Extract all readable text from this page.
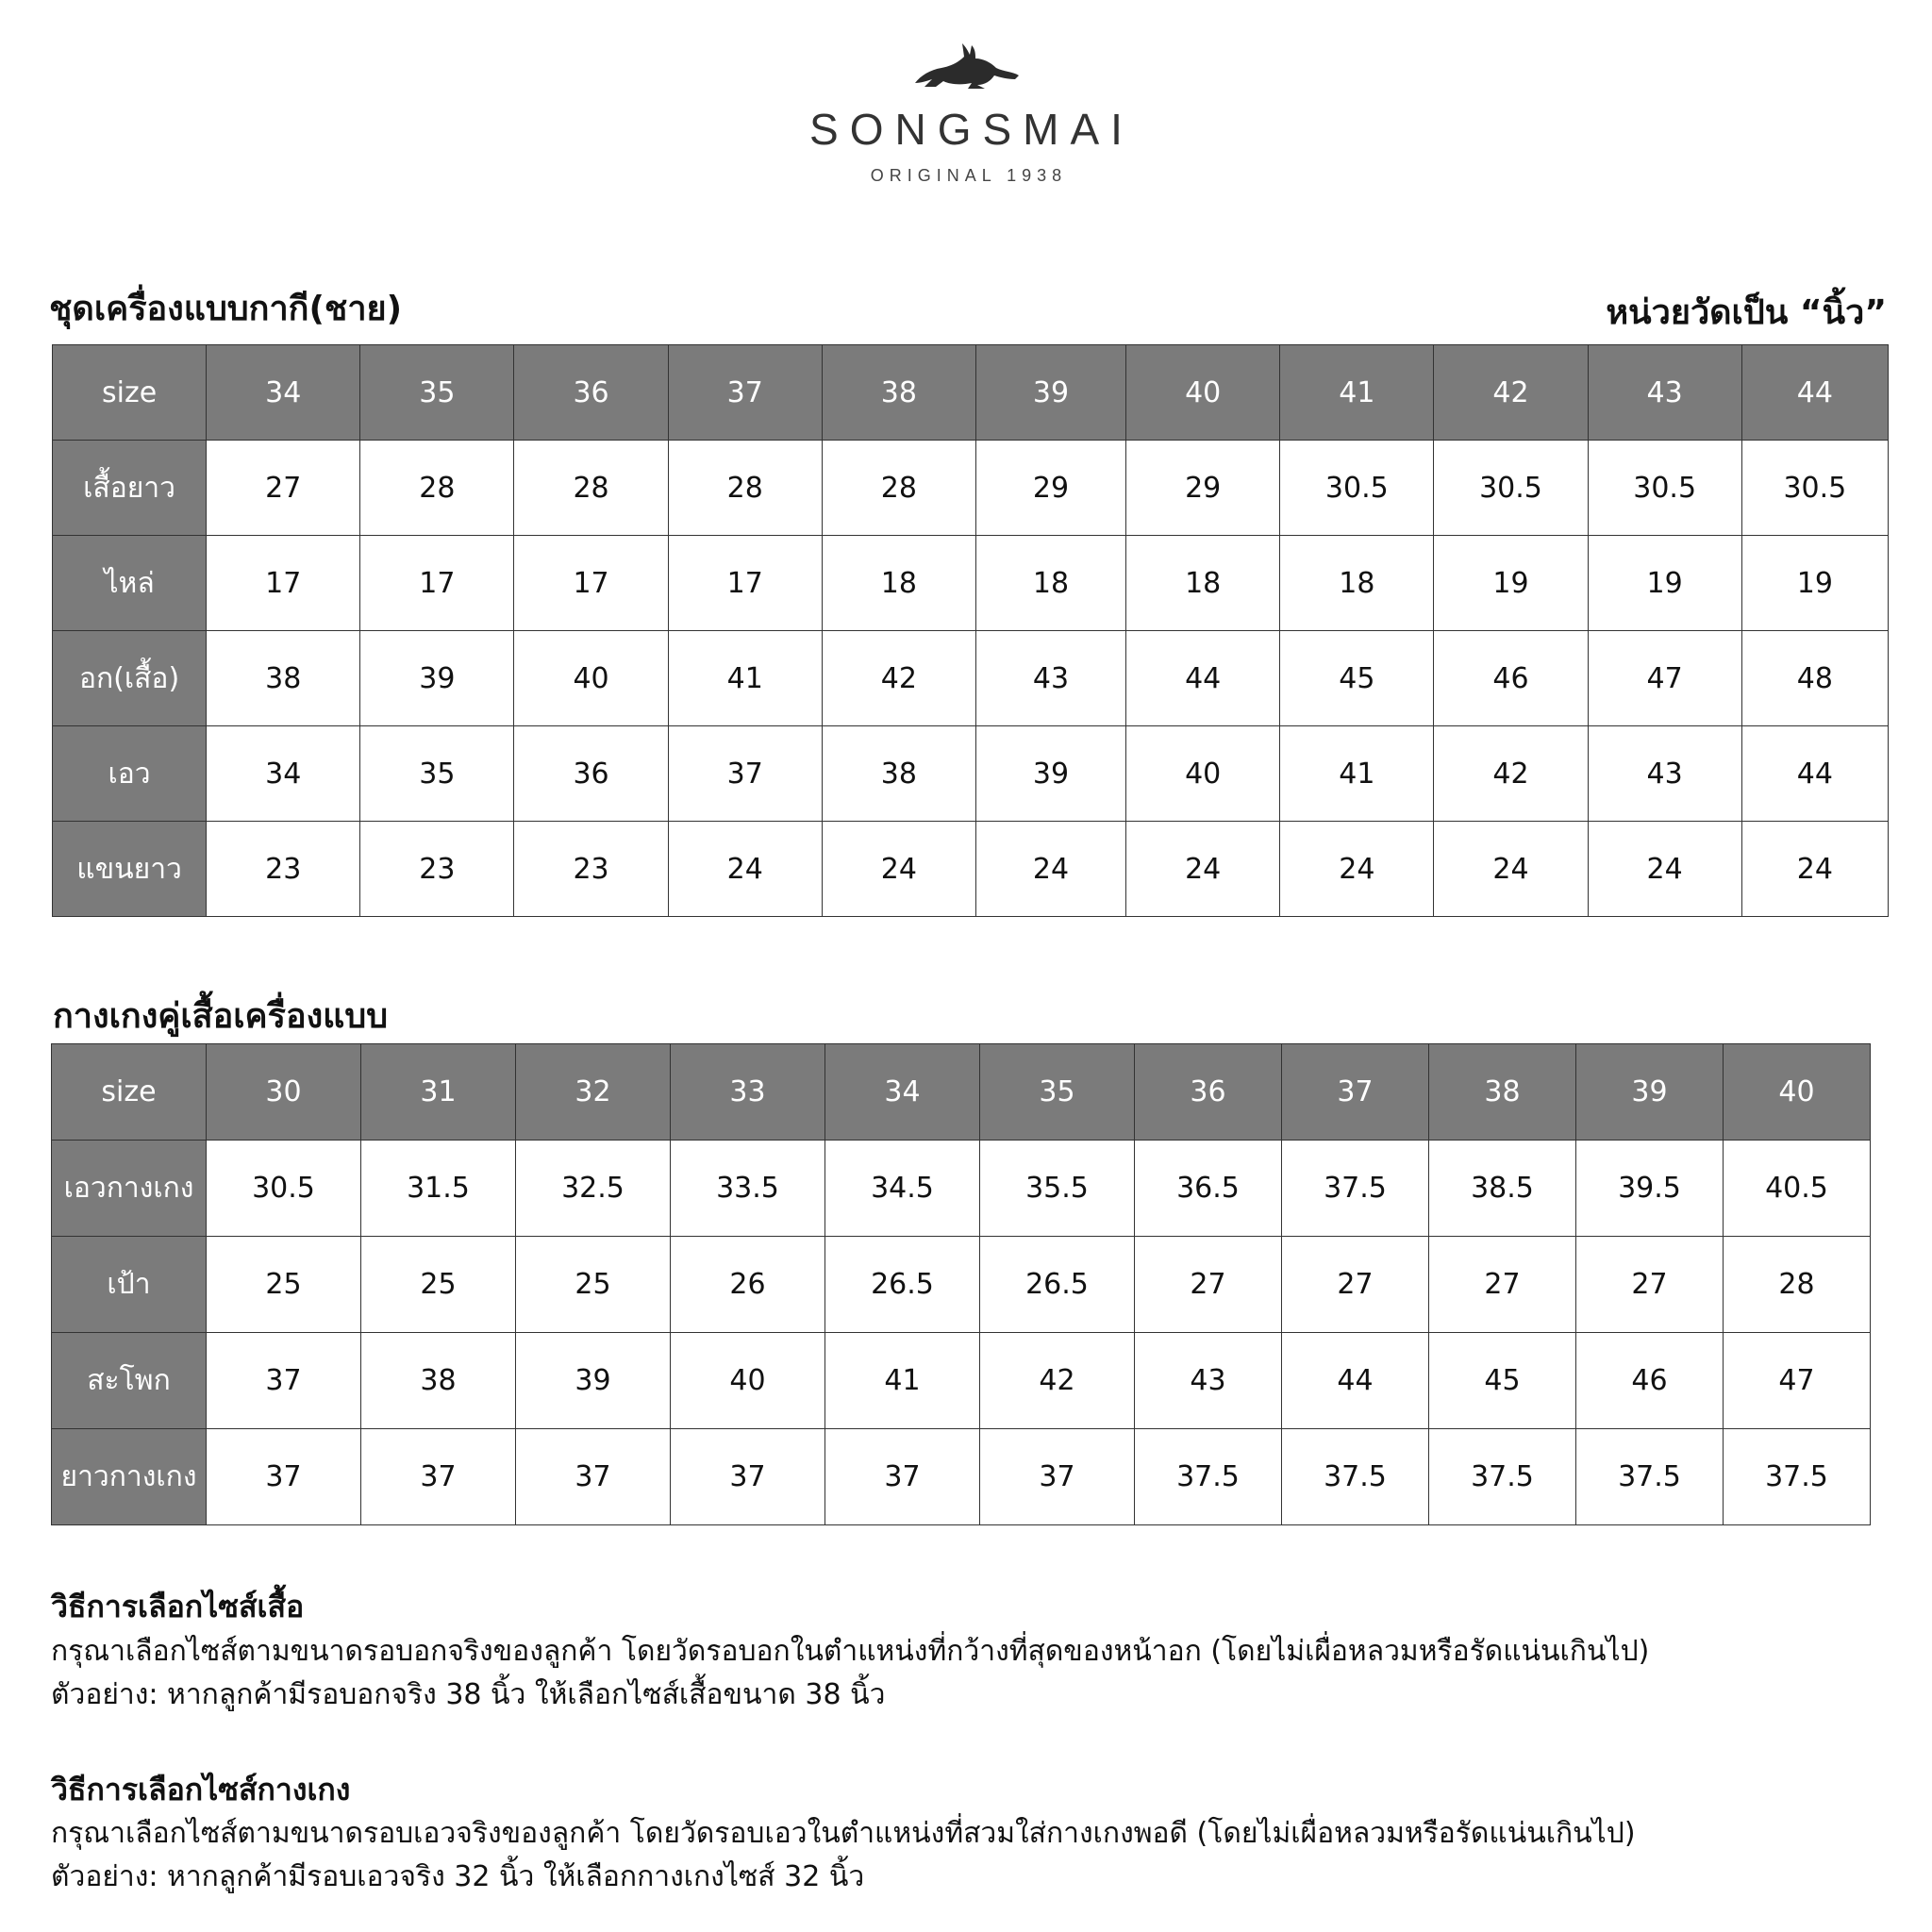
SONGSMAI
ORIGINAL 1938
ชุดเครื่องแบบกากี(ชาย)	หน่วยวัดเป็น “นิ้ว”
size	34	35	36	37	38	39	40	41	42	43	44
เสื้อยาว	27	28	28	28	28	29	29	30.5	30.5	30.5	30.5
ไหล่	17	17	17	17	18	18	18	18	19	19	19
อก(เสื้อ)	38	39	40	41	42	43	44	45	46	47	48
เอว	34	35	36	37	38	39	40	41	42	43	44
แขนยาว	23	23	23	24	24	24	24	24	24	24	24
กางเกงคู่เสื้อเครื่องแบบ
size	30	31	32	33	34	35	36	37	38	39	40
เอวกางเกง	30.5	31.5	32.5	33.5	34.5	35.5	36.5	37.5	38.5	39.5	40.5
เป้า	25	25	25	26	26.5	26.5	27	27	27	27	28
สะโพก	37	38	39	40	41	42	43	44	45	46	47
ยาวกางเกง	37	37	37	37	37	37	37.5	37.5	37.5	37.5	37.5
วิธีการเลือกไซส์เสื้อ
กรุณาเลือกไซส์ตามขนาดรอบอกจริงของลูกค้า โดยวัดรอบอกในตำแหน่งที่กว้างที่สุดของหน้าอก (โดยไม่เผื่อหลวมหรือรัดแน่นเกินไป)
ตัวอย่าง: หากลูกค้ามีรอบอกจริง 38 นิ้ว ให้เลือกไซส์เสื้อขนาด 38 นิ้ว
วิธีการเลือกไซส์กางเกง
กรุณาเลือกไซส์ตามขนาดรอบเอวจริงของลูกค้า โดยวัดรอบเอวในตำแหน่งที่สวมใส่กางเกงพอดี (โดยไม่เผื่อหลวมหรือรัดแน่นเกินไป)
ตัวอย่าง: หากลูกค้ามีรอบเอวจริง 32 นิ้ว ให้เลือกกางเกงไซส์ 32 นิ้ว
